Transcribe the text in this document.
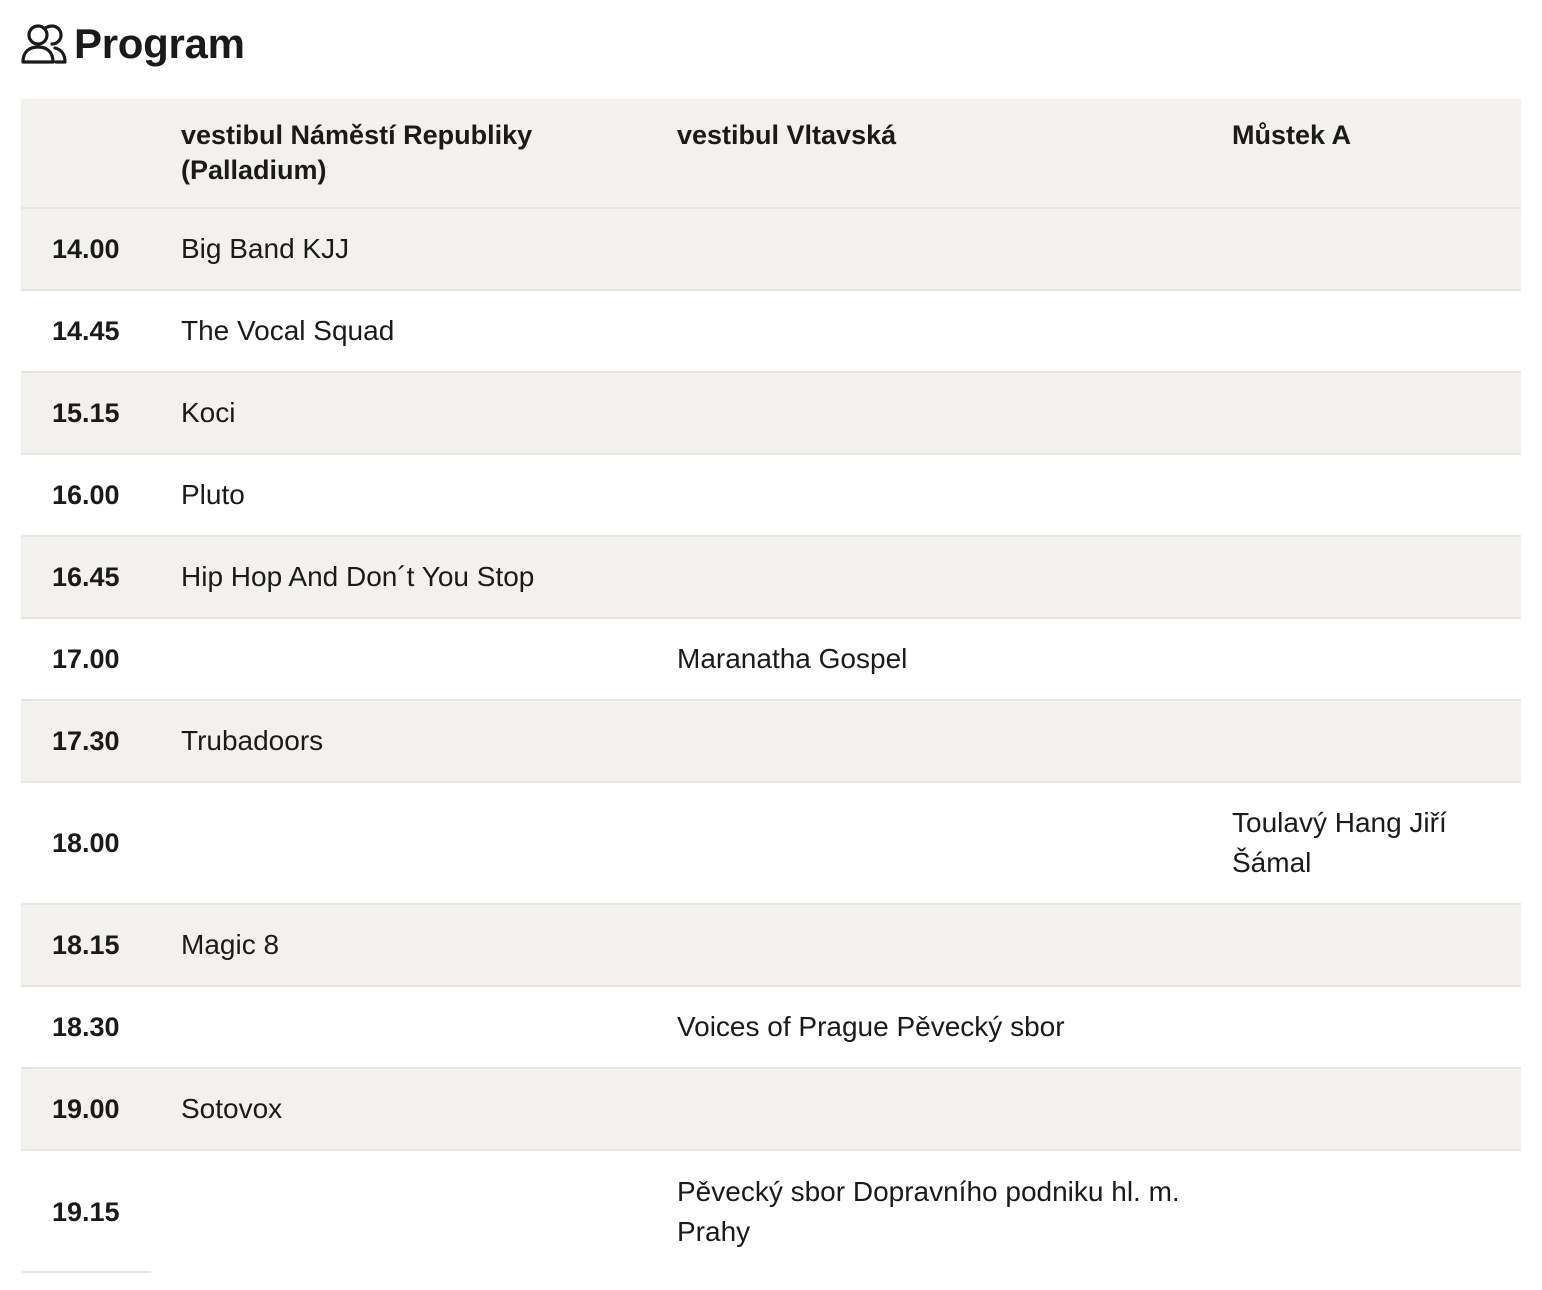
Program
	vestibul Náměstí Republiky (Palladium)	vestibul Vltavská	Můstek A
14.00	Big Band KJJ		
14.45	The Vocal Squad		
15.15	Koci		
16.00	Pluto		
16.45	Hip Hop And Don´t You Stop		
17.00		Maranatha Gospel	
17.30	Trubadoors		
18.00			Toulavý Hang Jiří Šámal
18.15	Magic 8		
18.30		Voices of Prague Pěvecký sbor	
19.00	Sotovox		
19.15		Pěvecký sbor Dopravního podniku hl. m. Prahy	
